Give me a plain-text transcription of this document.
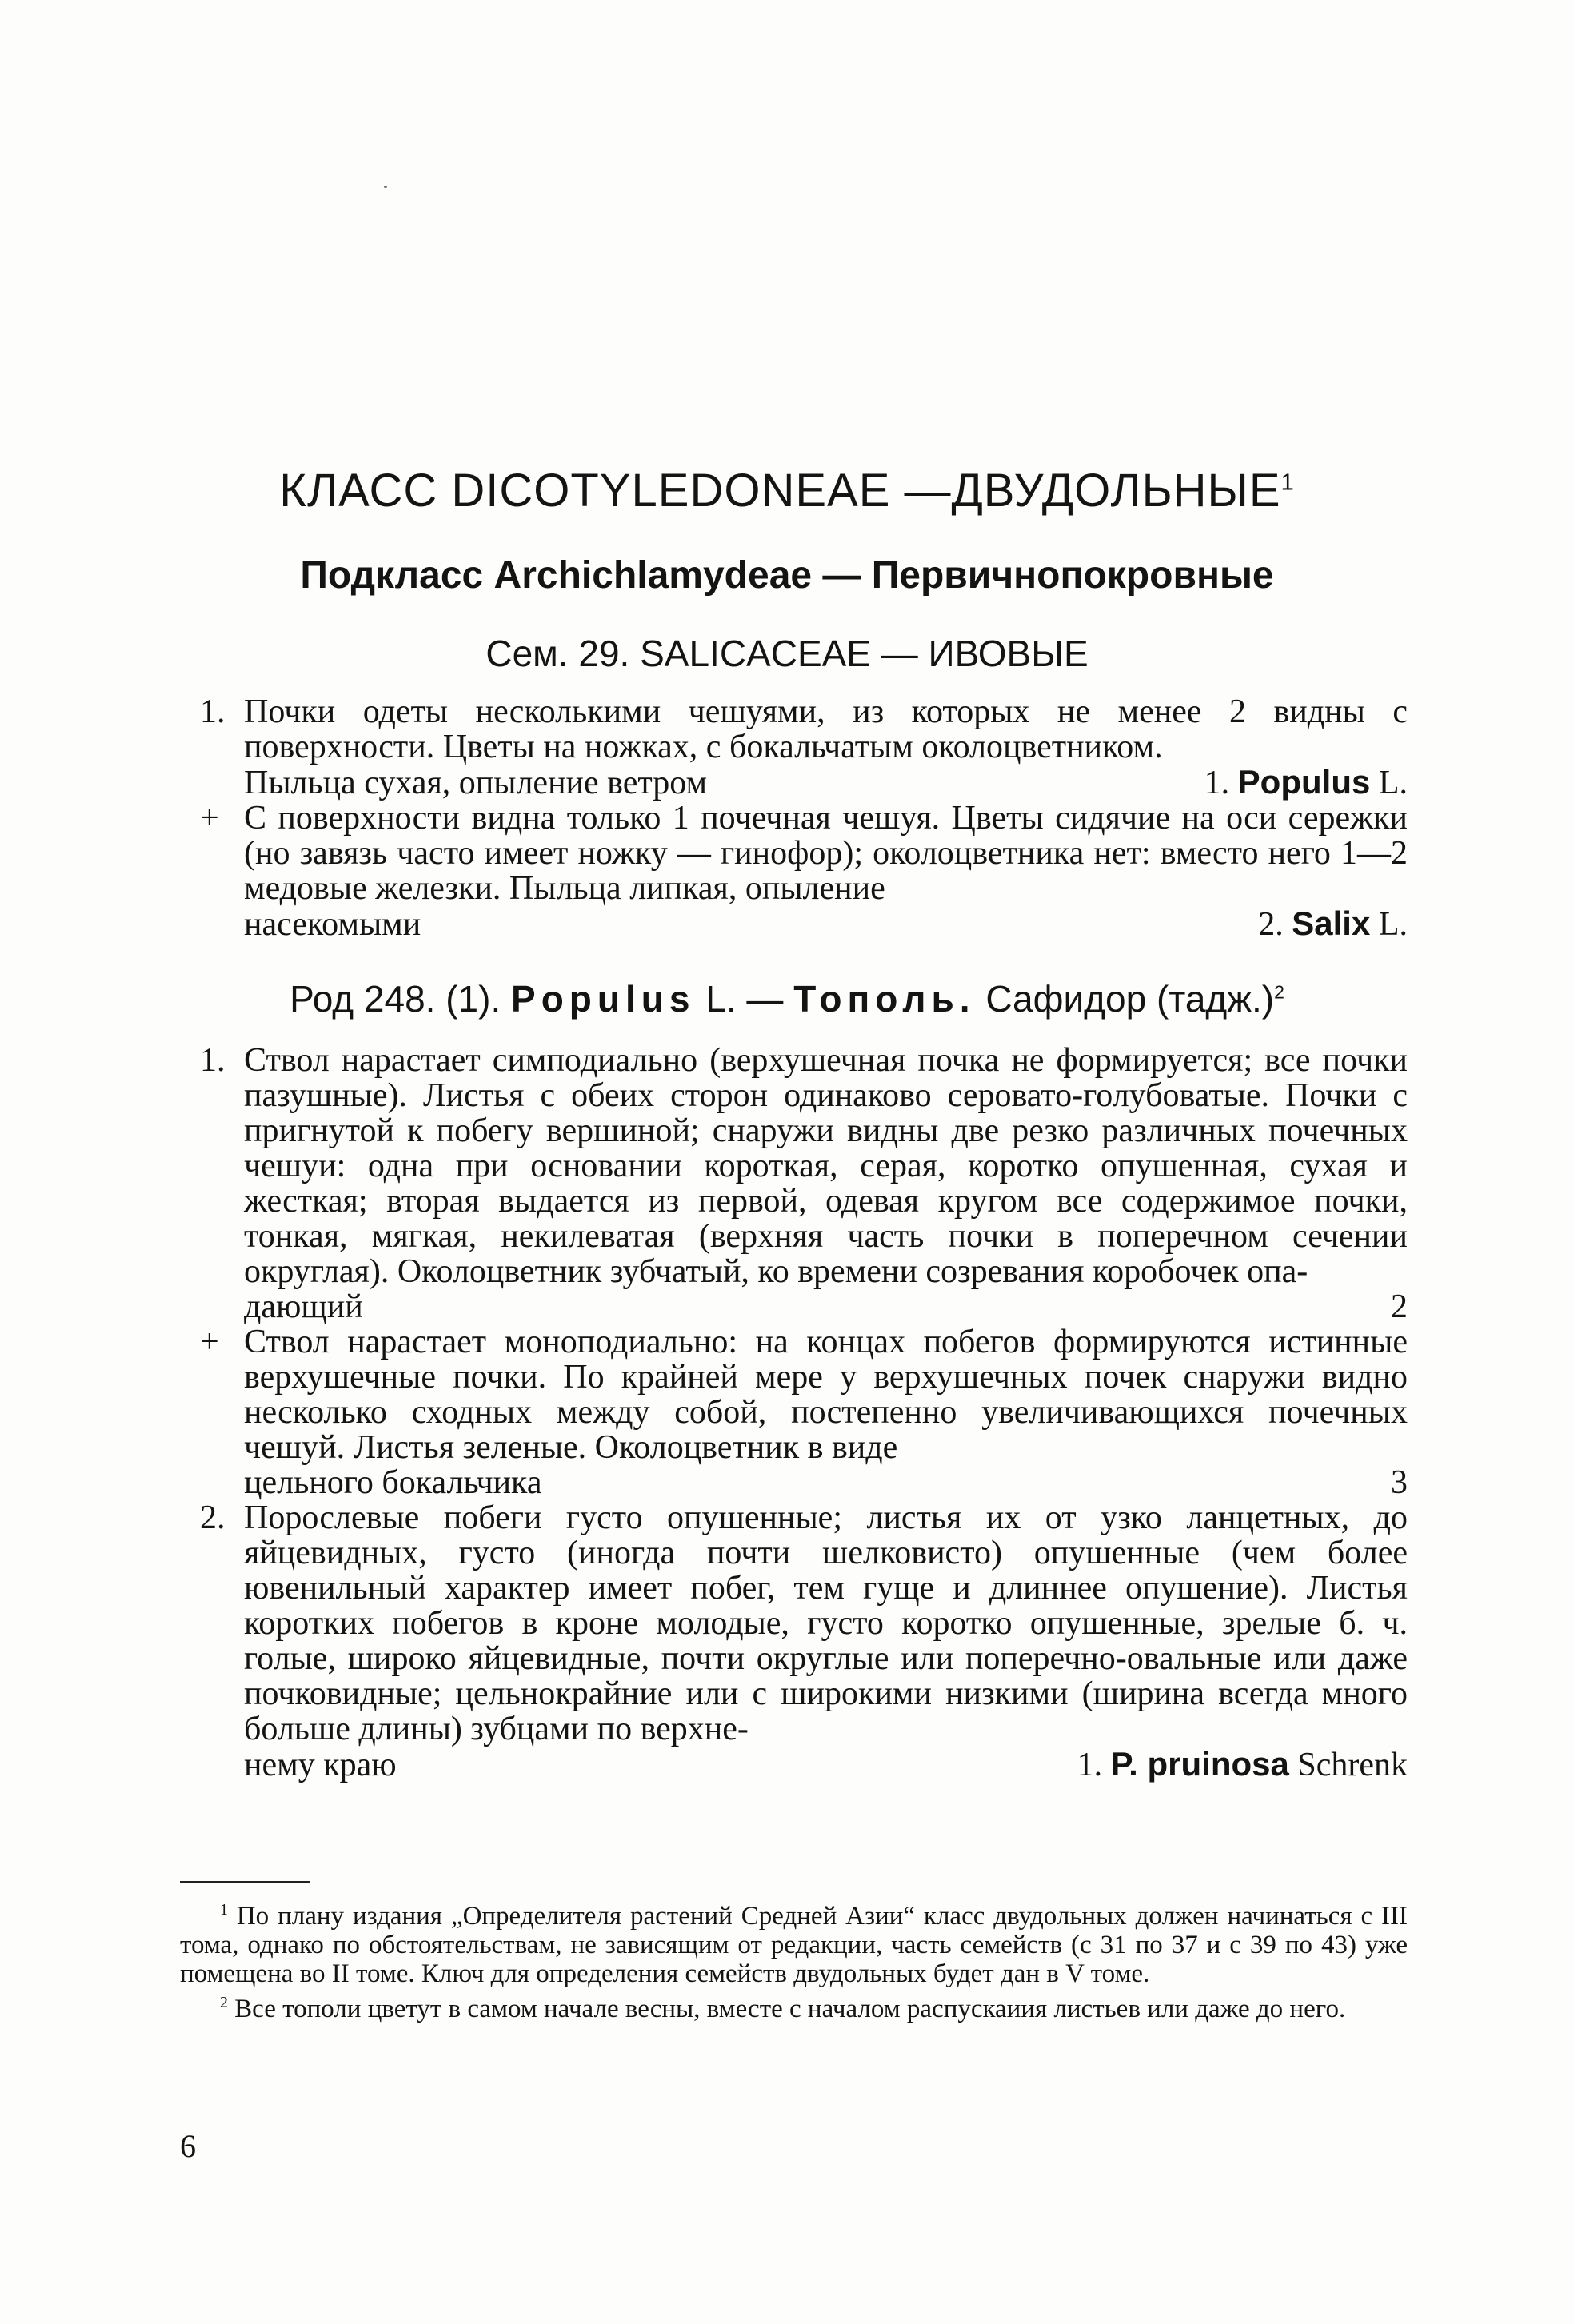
КЛАСС DICOTYLEDONEAE —ДВУДОЛЬНЫЕ$^1$
Подкласс Archichlamydeae — Первичнопокровные
Сем. 29. SALICACEAE — ИВОВЫЕ
1. Почки одеты несколькими чешуями, из которых не менее 2 видны с поверхности. Цветы на ножках, с бокальчатым околоцветником.
Пыльца сухая, опыление ветром	1. Populus L.
+ С поверхности видна только 1 почечная чешуя. Цветы сидячие на оси сережки (но завязь часто имеет ножку — гинофор); околоцветника нет: вместо него 1—2 медовые железки. Пыльца липкая, опыление
насекомыми	2. Salix L.
Род 248. (1). Populus L. — Тополь. Сафидор (тадж.)$^2$
1. Ствол нарастает симподиально (верхушечная почка не формируется; все почки пазушные). Листья с обеих сторон одинаково серовато-голубоватые. Почки с пригнутой к побегу вершиной; снаружи видны две резко различных почечных чешуи: одна при основании короткая, серая, коротко опушенная, сухая и жесткая; вторая выдается из первой, одевая кругом все содержимое почки, тонкая, мягкая, некилеватая (верхняя часть почки в поперечном сечении округлая). Околоцветник зубчатый, ко времени созревания коробочек опа-
дающий	2
+ Ствол нарастает моноподиально: на концах побегов формируются истинные верхушечные почки. По крайней мере у верхушечных почек снаружи видно несколько сходных между собой, постепенно увеличивающихся почечных чешуй. Листья зеленые. Околоцветник в виде
цельного бокальчика	3
2. Порослевые побеги густо опушенные; листья их от узко ланцетных, до яйцевидных, густо (иногда почти шелковисто) опушенные (чем более ювенильный характер имеет побег, тем гуще и длиннее опушение). Листья коротких побегов в кроне молодые, густо коротко опушенные, зрелые б. ч. голые, широко яйцевидные, почти округлые или поперечно-овальные или даже почковидные; цельнокрайние или с широкими низкими (ширина всегда много больше длины) зубцами по верхне-
нему краю	1. P. pruinosa Schrenk
$^1$ По плану издания „Определителя растений Средней Азии“ класс двудольных должен начинаться с III тома, однако по обстоятельствам, не зависящим от редакции, часть семейств (с 31 по 37 и с 39 по 43) уже помещена во II томе. Ключ для определения семейств двудольных будет дан в V томе.
$^2$ Все тополи цветут в самом начале весны, вместе с началом распускаиия листьев или даже до него.
6
